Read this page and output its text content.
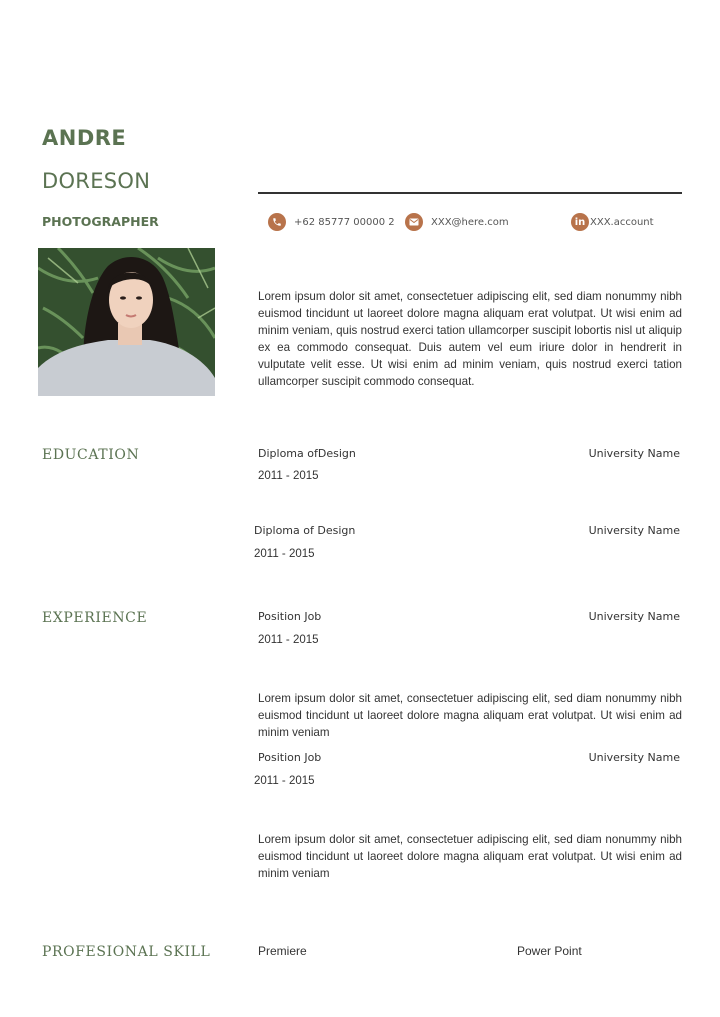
ANDRE
DORESON
PHOTOGRAPHER	+62 85777 00000 2	XXX@here.com	in XXX.account
Lorem ipsum dolor sit amet, consectetuer adipiscing elit, sed diam nonummy nibh euismod tincidunt ut laoreet dolore magna aliquam erat volutpat. Ut wisi enim ad minim veniam, quis nostrud exerci tation ullamcorper suscipit lobortis nisl ut aliquip ex ea commodo consequat. Duis autem vel eum iriure dolor in hendrerit in vulputate velit esse. Ut wisi enim ad minim veniam, quis nostrud exerci tation ullamcorper suscipit commodo consequat.
EDUCATION	Diploma ofDesign	University Name
2011 - 2015
Diploma of Design	University Name
2011 - 2015
EXPERIENCE	Position Job	University Name
2011 - 2015
Lorem ipsum dolor sit amet, consectetuer adipiscing elit, sed diam nonummy nibh euismod tincidunt ut laoreet dolore magna aliquam erat volutpat. Ut wisi enim ad minim veniam
Position Job	University Name
2011 - 2015
Lorem ipsum dolor sit amet, consectetuer adipiscing elit, sed diam nonummy nibh euismod tincidunt ut laoreet dolore magna aliquam erat volutpat. Ut wisi enim ad minim veniam
PROFESIONAL SKILL	Premiere	Power Point
